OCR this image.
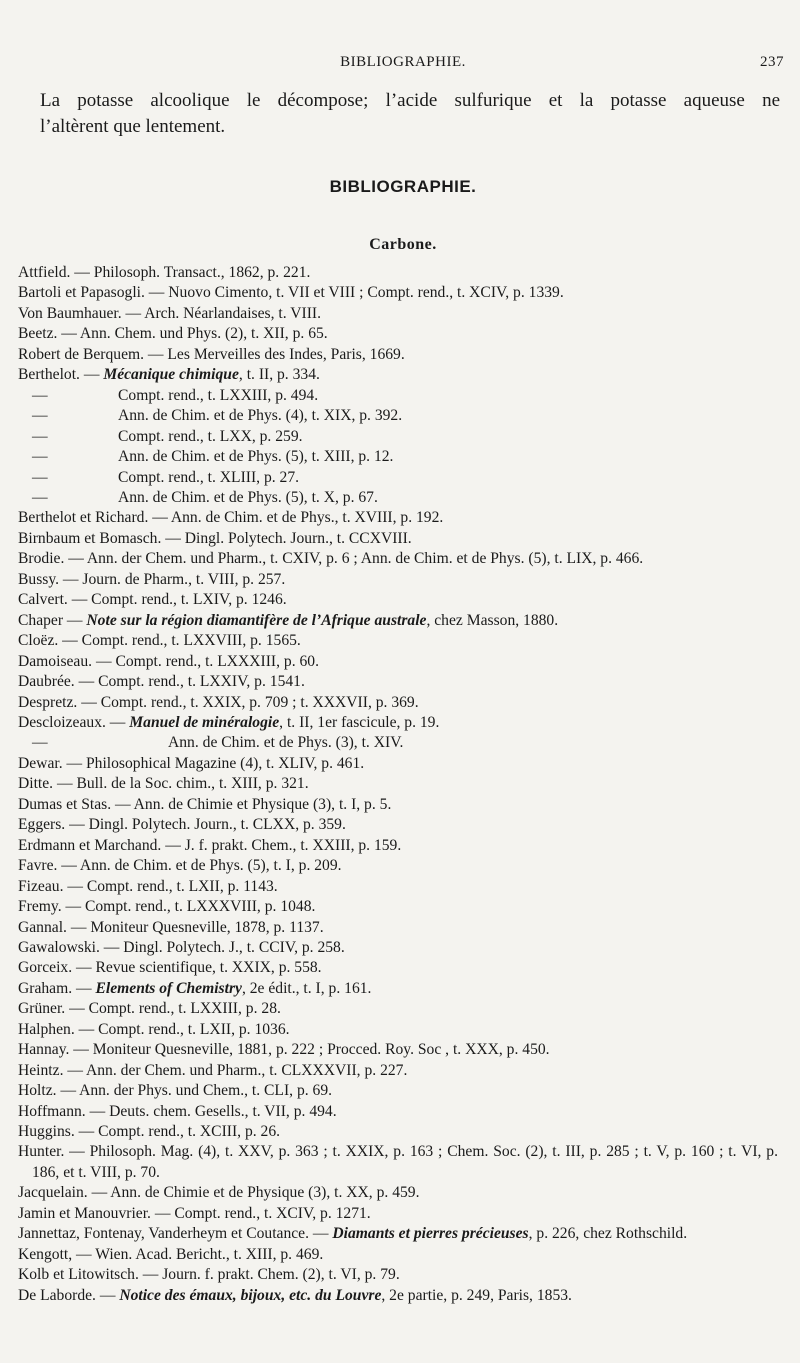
BIBLIOGRAPHIE.	237
La potasse alcoolique le décompose; l’acide sulfurique et la potasse aqueuse ne
l’altèrent que lentement.
BIBLIOGRAPHIE.
Carbone.
Attfield. — Philosoph. Transact., 1862, p. 221.
Bartoli et Papasogli. — Nuovo Cimento, t. VII et VIII ; Compt. rend., t. XCIV, p. 1339.
Von Baumhauer. — Arch. Néarlandaises, t. VIII.
Beetz. — Ann. Chem. und Phys. (2), t. XII, p. 65.
Robert de Berquem. — Les Merveilles des Indes, Paris, 1669.
Berthelot. — Mécanique chimique, t. II, p. 334.
—	Compt. rend., t. LXXIII, p. 494.
—	Ann. de Chim. et de Phys. (4), t. XIX, p. 392.
—	Compt. rend., t. LXX, p. 259.
—	Ann. de Chim. et de Phys. (5), t. XIII, p. 12.
—	Compt. rend., t. XLIII, p. 27.
—	Ann. de Chim. et de Phys. (5), t. X, p. 67.
Berthelot et Richard. — Ann. de Chim. et de Phys., t. XVIII, p. 192.
Birnbaum et Bomasch. — Dingl. Polytech. Journ., t. CCXVIII.
Brodie. — Ann. der Chem. und Pharm., t. CXIV, p. 6 ; Ann. de Chim. et de Phys. (5), t. LIX, p. 466.
Bussy. — Journ. de Pharm., t. VIII, p. 257.
Calvert. — Compt. rend., t. LXIV, p. 1246.
Chaper — Note sur la région diamantifère de l’Afrique australe, chez Masson, 1880.
Cloëz. — Compt. rend., t. LXXVIII, p. 1565.
Damoiseau. — Compt. rend., t. LXXXIII, p. 60.
Daubrée. — Compt. rend., t. LXXIV, p. 1541.
Despretz. — Compt. rend., t. XXIX, p. 709 ; t. XXXVII, p. 369.
Descloizeaux. — Manuel de minéralogie, t. II, 1er fascicule, p. 19.
—	Ann. de Chim. et de Phys. (3), t. XIV.
Dewar. — Philosophical Magazine (4), t. XLIV, p. 461.
Ditte. — Bull. de la Soc. chim., t. XIII, p. 321.
Dumas et Stas. — Ann. de Chimie et Physique (3), t. I, p. 5.
Eggers. — Dingl. Polytech. Journ., t. CLXX, p. 359.
Erdmann et Marchand. — J. f. prakt. Chem., t. XXIII, p. 159.
Favre. — Ann. de Chim. et de Phys. (5), t. I, p. 209.
Fizeau. — Compt. rend., t. LXII, p. 1143.
Fremy. — Compt. rend., t. LXXXVIII, p. 1048.
Gannal. — Moniteur Quesneville, 1878, p. 1137.
Gawalowski. — Dingl. Polytech. J., t. CCIV, p. 258.
Gorceix. — Revue scientifique, t. XXIX, p. 558.
Graham. — Elements of Chemistry, 2e édit., t. I, p. 161.
Grüner. — Compt. rend., t. LXXIII, p. 28.
Halphen. — Compt. rend., t. LXII, p. 1036.
Hannay. — Moniteur Quesneville, 1881, p. 222 ; Procced. Roy. Soc , t. XXX, p. 450.
Heintz. — Ann. der Chem. und Pharm., t. CLXXXVII, p. 227.
Holtz. — Ann. der Phys. und Chem., t. CLI, p. 69.
Hoffmann. — Deuts. chem. Gesells., t. VII, p. 494.
Huggins. — Compt. rend., t. XCIII, p. 26.
Hunter. — Philosoph. Mag. (4), t. XXV, p. 363 ; t. XXIX, p. 163 ; Chem. Soc. (2), t. III, p. 285 ; t. V, p. 160 ; t. VI, p. 186, et t. VIII, p. 70.
Jacquelain. — Ann. de Chimie et de Physique (3), t. XX, p. 459.
Jamin et Manouvrier. — Compt. rend., t. XCIV, p. 1271.
Jannettaz, Fontenay, Vanderheym et Coutance. — Diamants et pierres précieuses, p. 226, chez Rothschild.
Kengott, — Wien. Acad. Bericht., t. XIII, p. 469.
Kolb et Litowitsch. — Journ. f. prakt. Chem. (2), t. VI, p. 79.
De Laborde. — Notice des émaux, bijoux, etc. du Louvre, 2e partie, p. 249, Paris, 1853.
